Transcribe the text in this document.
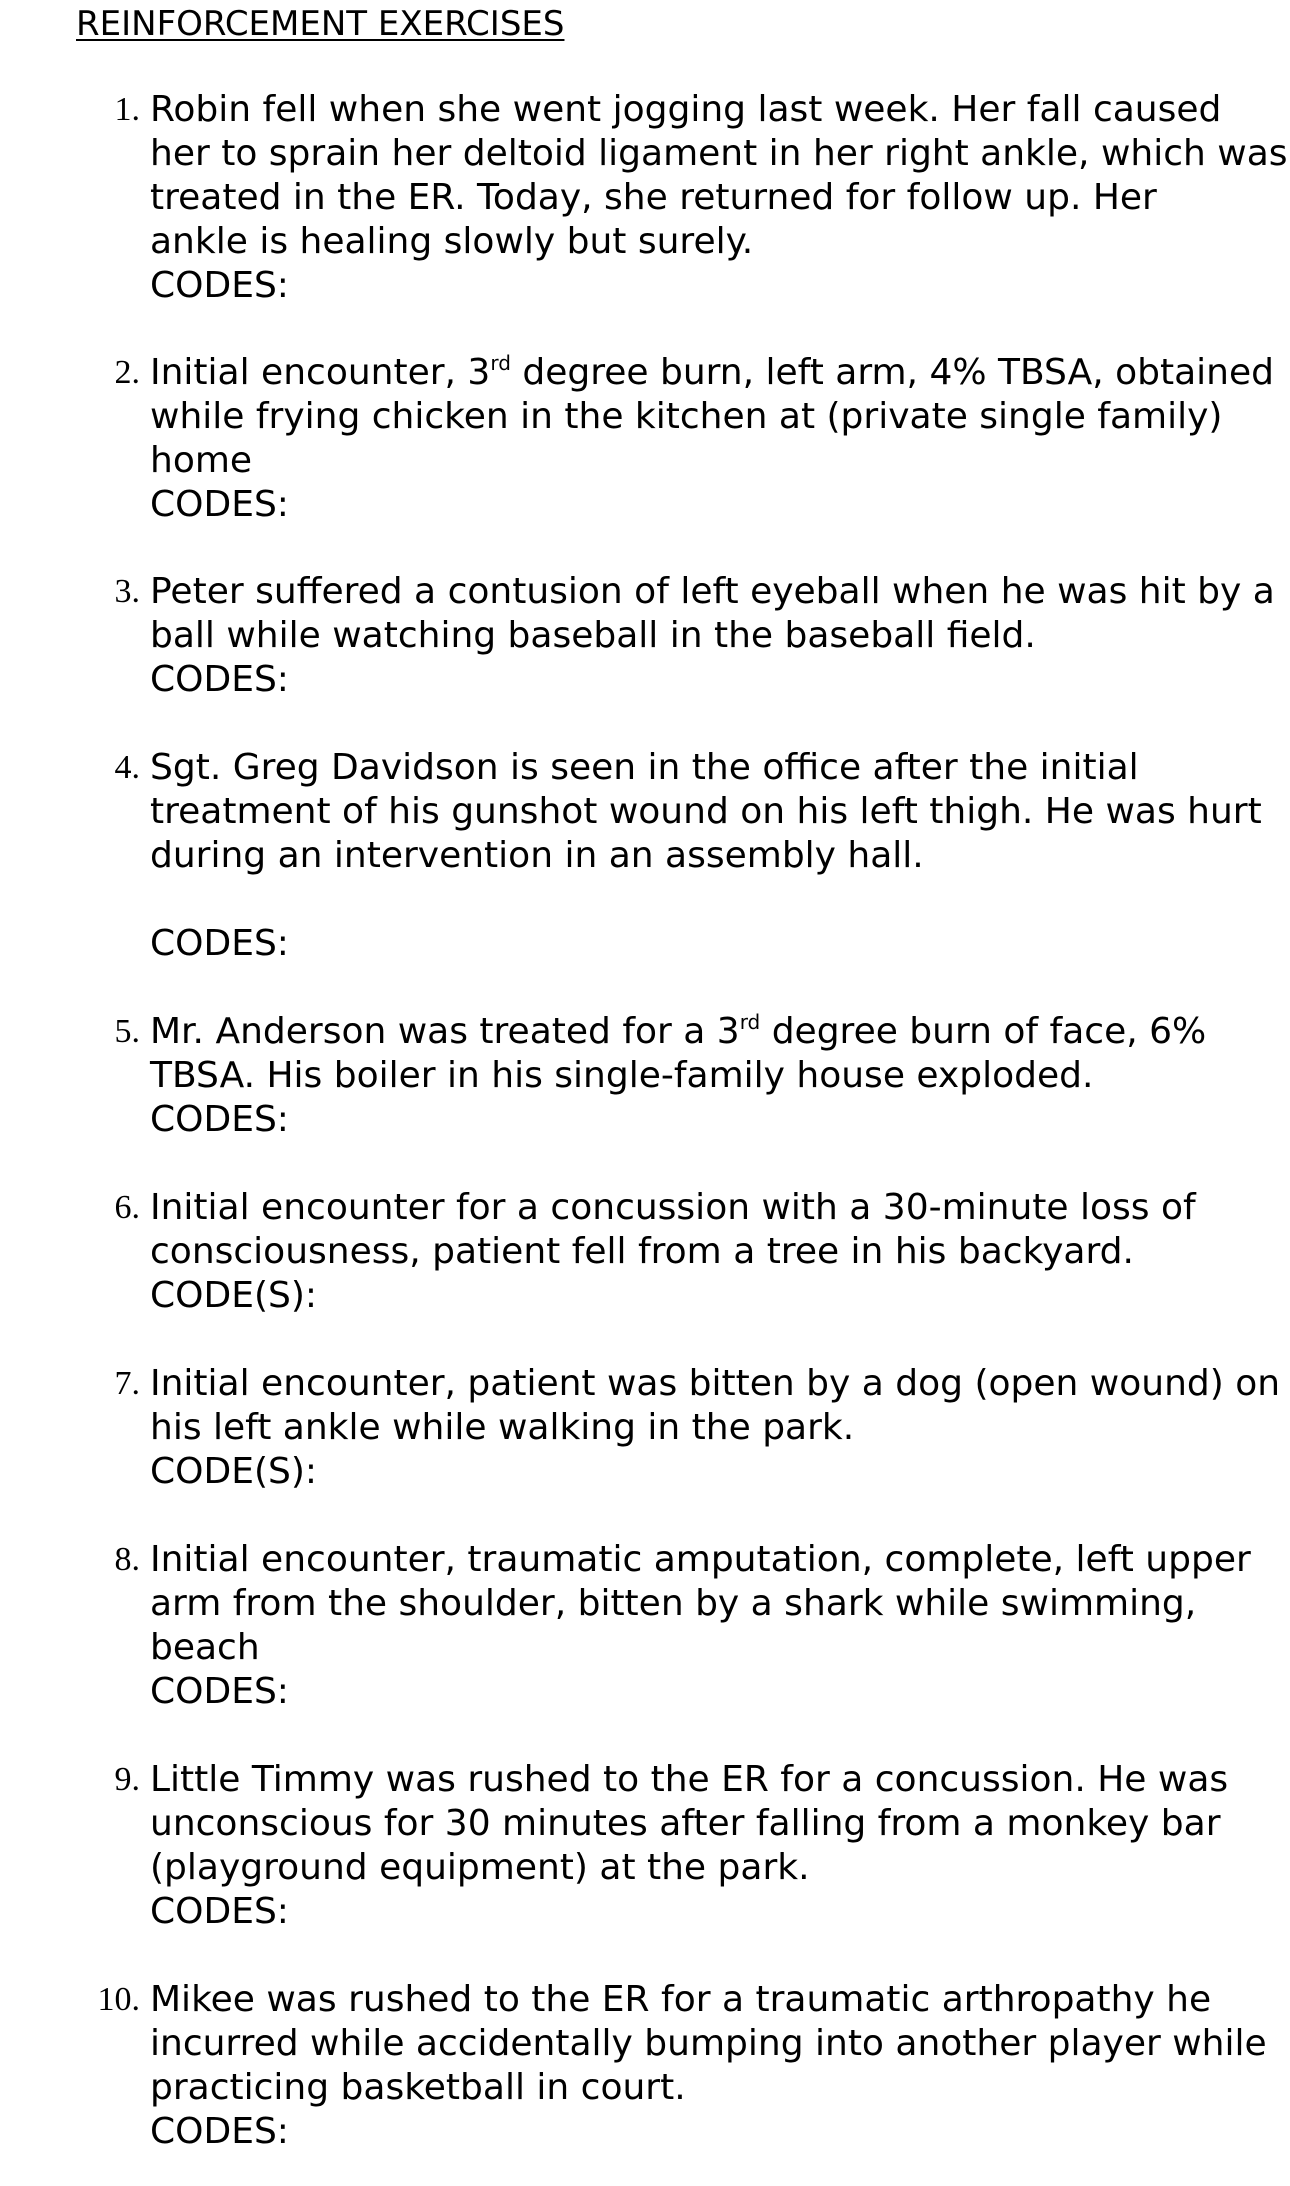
REINFORCEMENT EXERCISES
1. Robin fell when she went jogging last week. Her fall caused
her to sprain her deltoid ligament in her right ankle, which was
treated in the ER. Today, she returned for follow up. Her
ankle is healing slowly but surely.
CODES:
2. Initial encounter, 3rd degree burn, left arm, 4% TBSA, obtained
while frying chicken in the kitchen at (private single family)
home
CODES:
3. Peter suffered a contusion of left eyeball when he was hit by a
ball while watching baseball in the baseball field.
CODES:
4. Sgt. Greg Davidson is seen in the office after the initial
treatment of his gunshot wound on his left thigh. He was hurt
during an intervention in an assembly hall.
CODES:
5. Mr. Anderson was treated for a 3rd degree burn of face, 6%
TBSA. His boiler in his single-family house exploded.
CODES:
6. Initial encounter for a concussion with a 30-minute loss of
consciousness, patient fell from a tree in his backyard.
CODE(S):
7. Initial encounter, patient was bitten by a dog (open wound) on
his left ankle while walking in the park.
CODE(S):
8. Initial encounter, traumatic amputation, complete, left upper
arm from the shoulder, bitten by a shark while swimming,
beach
CODES:
9. Little Timmy was rushed to the ER for a concussion. He was
unconscious for 30 minutes after falling from a monkey bar
(playground equipment) at the park.
CODES:
10. Mikee was rushed to the ER for a traumatic arthropathy he
incurred while accidentally bumping into another player while
practicing basketball in court.
CODES:
